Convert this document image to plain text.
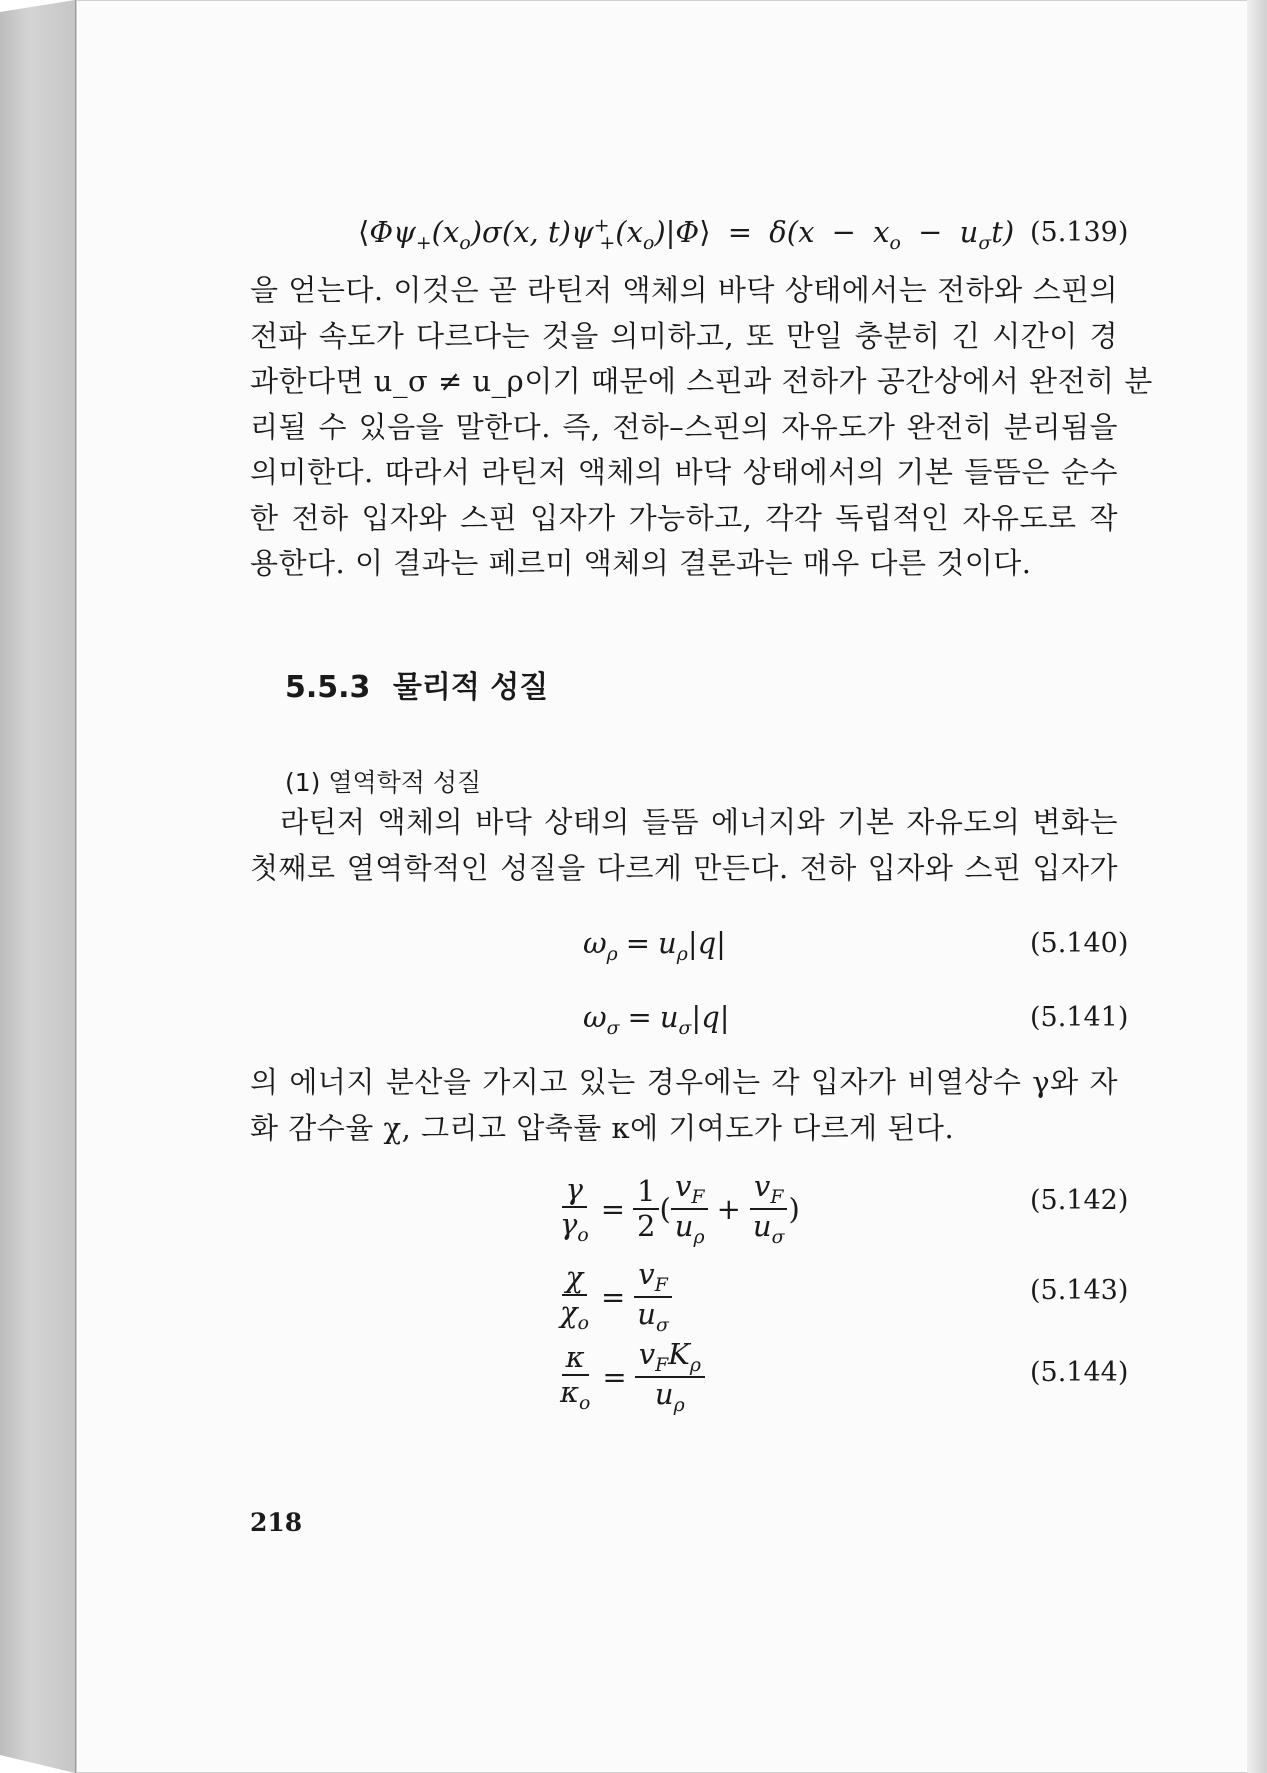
$⟨\Phi\psi_+(x_o)\sigma(x$, $t)\psi^+_+(x_o)|\Phi⟩ = \delta(x - x_o - u_\sigma t)$ (5.139)
을 얻는다. 이것은 곧 라틴저 액체의 바닥 상태에서는 전하와 스핀의
전파 속도가 다르다는 것을 의미하고, 또 만일 충분히 긴 시간이 경
과한다면 u_σ ≠ u_ρ이기 때문에 스핀과 전하가 공간상에서 완전히 분
리될 수 있음을 말한다. 즉, 전하–스핀의 자유도가 완전히 분리됨을
의미한다. 따라서 라틴저 액체의 바닥 상태에서의 기본 들뜸은 순수
한 전하 입자와 스핀 입자가 가능하고, 각각 독립적인 자유도로 작
용한다. 이 결과는 페르미 액체의 결론과는 매우 다른 것이다.
5.5.3 물리적 성질
(1) 열역학적 성질
라틴저 액체의 바닥 상태의 들뜸 에너지와 기본 자유도의 변화는
첫째로 열역학적인 성질을 다르게 만든다. 전하 입자와 스핀 입자가
$\omega_\rho = u_\rho|q|$	(5.140)
$\omega_\sigma = u_\sigma|q|$	(5.141)
의 에너지 분산을 가지고 있는 경우에는 각 입자가 비열상수 γ와 자
화 감수율 χ, 그리고 압축률 κ에 기여도가 다르게 된다.
$\frac{\gamma}{\gamma_o} = \frac{1}{2}$ ( $\frac{v_F}{u_\rho} + \frac{v_F}{u_\sigma}$ )	(5.142)
$\frac{\chi}{\chi_o} = \frac{v_F}{u_\sigma}$	(5.143)
$\frac{\kappa}{\kappa_o} = \frac{v_FK_\rho}{u_\rho}$	(5.144)
218
